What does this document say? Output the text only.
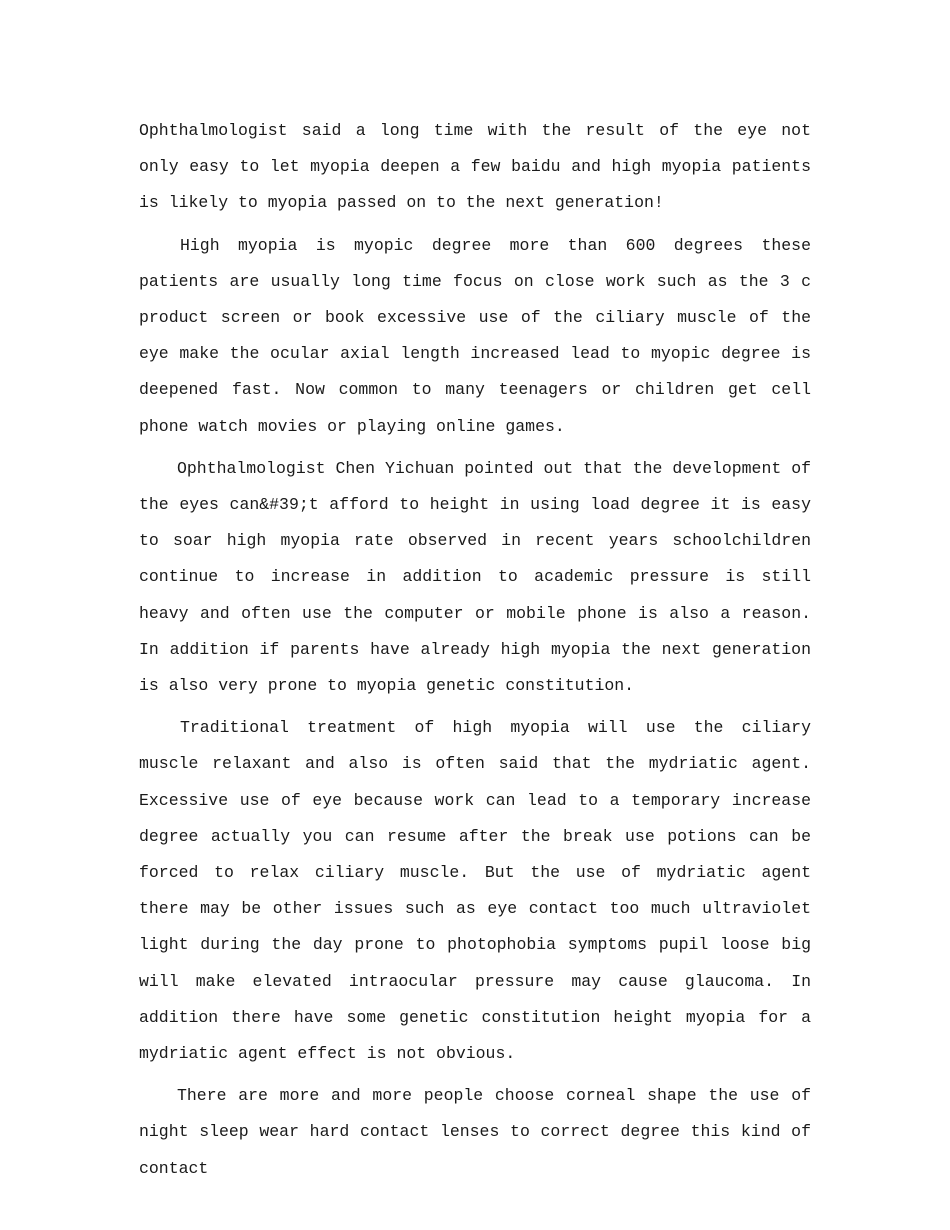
Ophthalmologist said a long time with the result of the eye not only easy to let myopia deepen a few baidu and high myopia patients is likely to myopia passed on to the next generation!

High myopia is myopic degree more than 600 degrees these patients are usually long time focus on close work such as the 3 c product screen or book excessive use of the ciliary muscle of the eye make the ocular axial length increased lead to myopic degree is deepened fast. Now common to many teenagers or children get cell phone watch movies or playing online games.

Ophthalmologist Chen Yichuan pointed out that the development of the eyes can&#39;t afford to height in using load degree it is easy to soar high myopia rate observed in recent years schoolchildren continue to increase in addition to academic pressure is still heavy and often use the computer or mobile phone is also a reason. In addition if parents have already high myopia the next generation is also very prone to myopia genetic constitution.

Traditional treatment of high myopia will use the ciliary muscle relaxant and also is often said that the mydriatic agent. Excessive use of eye because work can lead to a temporary increase degree actually you can resume after the break use potions can be forced to relax ciliary muscle. But the use of mydriatic agent there may be other issues such as eye contact too much ultraviolet light during the day prone to photophobia symptoms pupil loose big will make elevated intraocular pressure may cause glaucoma. In addition there have some genetic constitution height myopia for a mydriatic agent effect is not obvious.

There are more and more people choose corneal shape the use of night sleep wear hard contact lenses to correct degree this kind of contact
